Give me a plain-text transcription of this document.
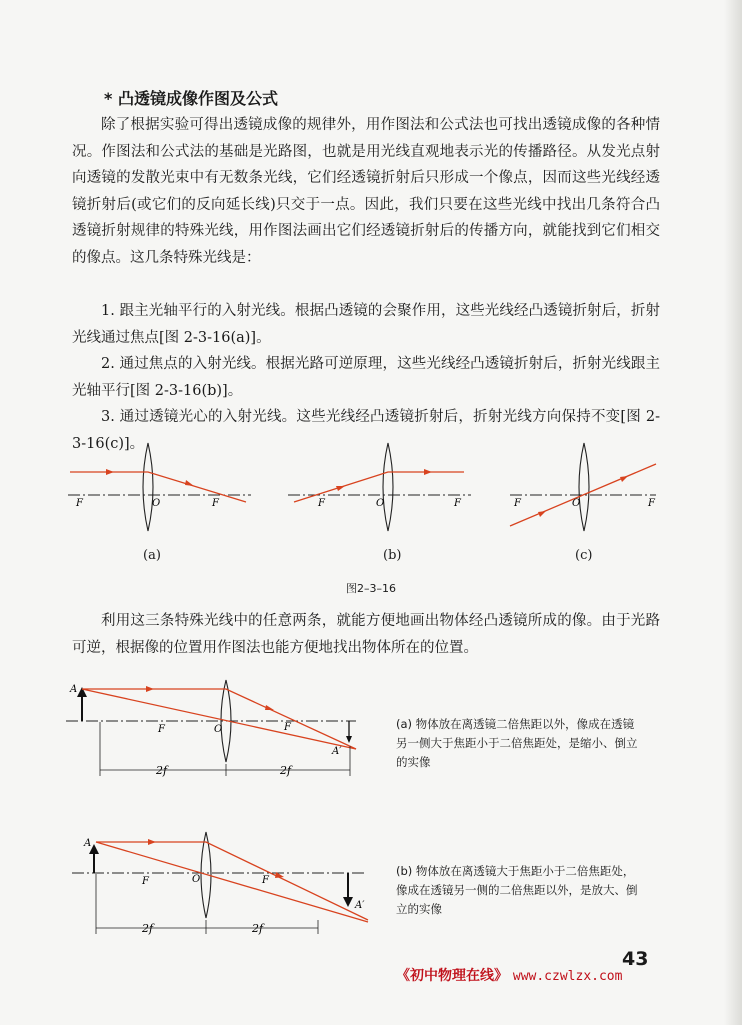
* 凸透镜成像作图及公式

除了根据实验可得出透镜成像的规律外，用作图法和公式法也可找出透镜成像的各种情况。作图法和公式法的基础是光路图，也就是用光线直观地表示光的传播路径。从发光点射向透镜的发散光束中有无数条光线，它们经透镜折射后只形成一个像点，因而这些光线经透镜折射后(或它们的反向延长线)只交于一点。因此，我们只要在这些光线中找出几条符合凸透镜折射规律的特殊光线，用作图法画出它们经透镜折射后的传播方向，就能找到它们相交的像点。这几条特殊光线是：

1. 跟主光轴平行的入射光线。根据凸透镜的会聚作用，这些光线经凸透镜折射后，折射光线通过焦点[图 2-3-16(a)]。

2. 通过焦点的入射光线。根据光路可逆原理，这些光线经凸透镜折射后，折射光线跟主光轴平行[图 2-3-16(b)]。

3. 通过透镜光心的入射光线。这些光线经凸透镜折射后，折射光线方向保持不变[图 2-3-16(c)]。

F	O	F
(a)
F	O	F
(b)
F	O	F
(c)
图2–3–16

利用这三条特殊光线中的任意两条，就能方便地画出物体经凸透镜所成的像。由于光路可逆，根据像的位置用作图法也能方便地找出物体所在的位置。

A
F	O	F
A′
2f	2f

(a) 物体放在离透镜二倍焦距以外，像成在透镜另一侧大于焦距小于二倍焦距处，是缩小、倒立的实像

A
F	O	F
A′
2f	2f

(b) 物体放在离透镜大于焦距小于二倍焦距处，像成在透镜另一侧的二倍焦距以外，是放大、倒立的实像

43
《初中物理在线》 www.czwlzx.com
